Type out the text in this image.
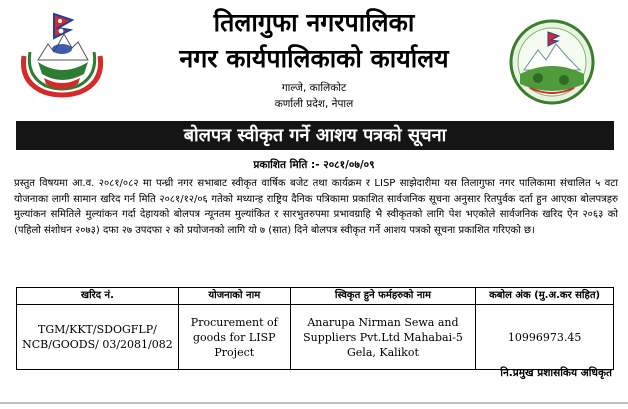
तिलागुफा नगरपालिका
नगर कार्यपालिकाको कार्यालय
गाल्जे, कालिकोट
कर्णाली प्रदेश, नेपाल
बोलपत्र स्वीकृत गर्ने आशय पत्रको सूचना
प्रकाशित मिति :- २०८१/०७/०९

प्रस्तुत विषयमा आ.व. २०८१/०८२ मा पन्ध्री नगर सभाबाट स्वीकृत वार्षिक बजेट तथा कार्यक्रम र LISP साझेदारीमा यस तिलागुफा नगर पालिकामा संचालित ५ वटा योजनाका लागी सामान खरिद गर्न मिति २०८१/१२/०६ गतेको मध्यान्ह राष्ट्रिय दैनिक पत्रिकामा प्रकाशित सार्वजनिक सूचना अनुसार रितपुर्वक दर्ता हुन आएका बोलपत्रहरु मुल्यांकन समितिले मुल्यांकन गर्दा देहायको बोलपत्र न्यूनतम मुल्यांकित र सारभुतरुपमा प्रभावग्राहि भै स्वीकृतको लागि पेश भएकोले सार्वजनिक खरिद ऐन २०६३ को (पहिलो संशोधन २०७३) दफा २७ उपदफा २ को प्रयोजनको लागि यो ७ (सात) दिने बोलपत्र स्वीकृत गर्ने आशय पत्रको सूचना प्रकाशित गरिएको छ।

खरिद नं.	योजनाको नाम	स्विकृत हुने फर्महरुको नाम	कबोल अंक (मु.अ.कर सहित)
TGM/KKT/SDOGFLP/ NCB/GOODS/ 03/2081/082	Procurement of goods for LISP Project	Anarupa Nirman Sewa and Suppliers Pvt.Ltd Mahabai-5 Gela, Kalikot	10996973.45
नि.प्रमुख प्रशासकिय अधिकृत
